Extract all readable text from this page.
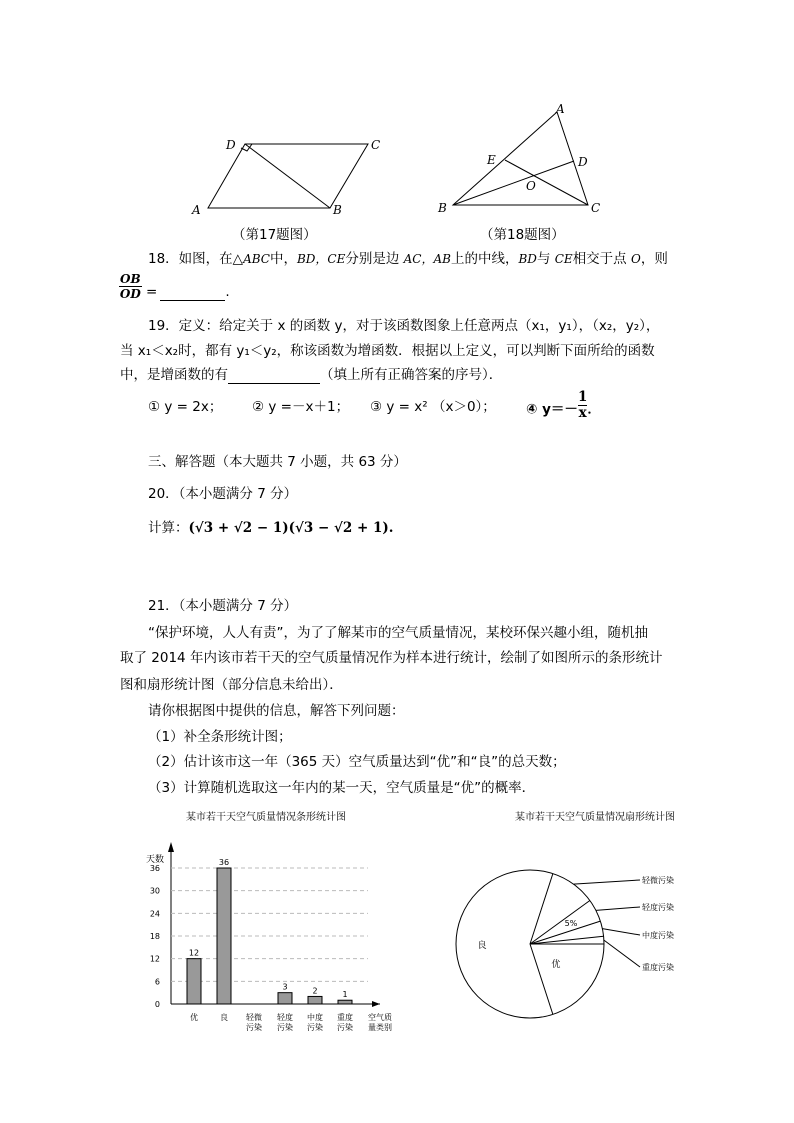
D	C
A	B
（第17题图）
A
B	C
D
E
O
（第18题图）
18．如图，在△ABC中，BD，CE分别是边 AC，AB上的中线，BD与 CE相交于点 O，则
$\frac{OB}{OD}$ =	.
19．定义：给定关于 x 的函数 y，对于该函数图象上任意两点（x₁，y₁），（x₂，y₂），
当 x₁＜x₂时，都有 y₁＜y₂，称该函数为增函数．根据以上定义，可以判断下面所给的函数
中，是增函数的有	（填上所有正确答案的序号）．
① y = 2x； ② y =－x＋1； ③ y = x² （x＞0）； ④ $y=- \frac{1}{x}$ ．
三、解答题（本大题共 7 小题，共 63 分）
20．（本小题满分 7 分）
计算：(√3 + √2 − 1)(√3 − √2 + 1).
21．（本小题满分 7 分）
“保护环境，人人有责”，为了了解某市的空气质量情况，某校环保兴趣小组，随机抽
取了 2014 年内该市若干天的空气质量情况作为样本进行统计，绘制了如图所示的条形统计
图和扇形统计图（部分信息未给出）．
请你根据图中提供的信息，解答下列问题：
（1）补全条形统计图；
（2）估计该市这一年（365 天）空气质量达到“优”和“良”的总天数；
（3）计算随机选取这一年内的某一天，空气质量是“优”的概率．
某市若干天空气质量情况条形统计图
天数
0
6
12
18
24
30
36
12
优
36
良 轻微
污染
3
轻度
污染
2
中度
污染
1
重度
污染
空气质
量类别
某市若干天空气质量情况扇形统计图
优
良
轻微污染
轻度污染
5%
中度污染
重度污染
